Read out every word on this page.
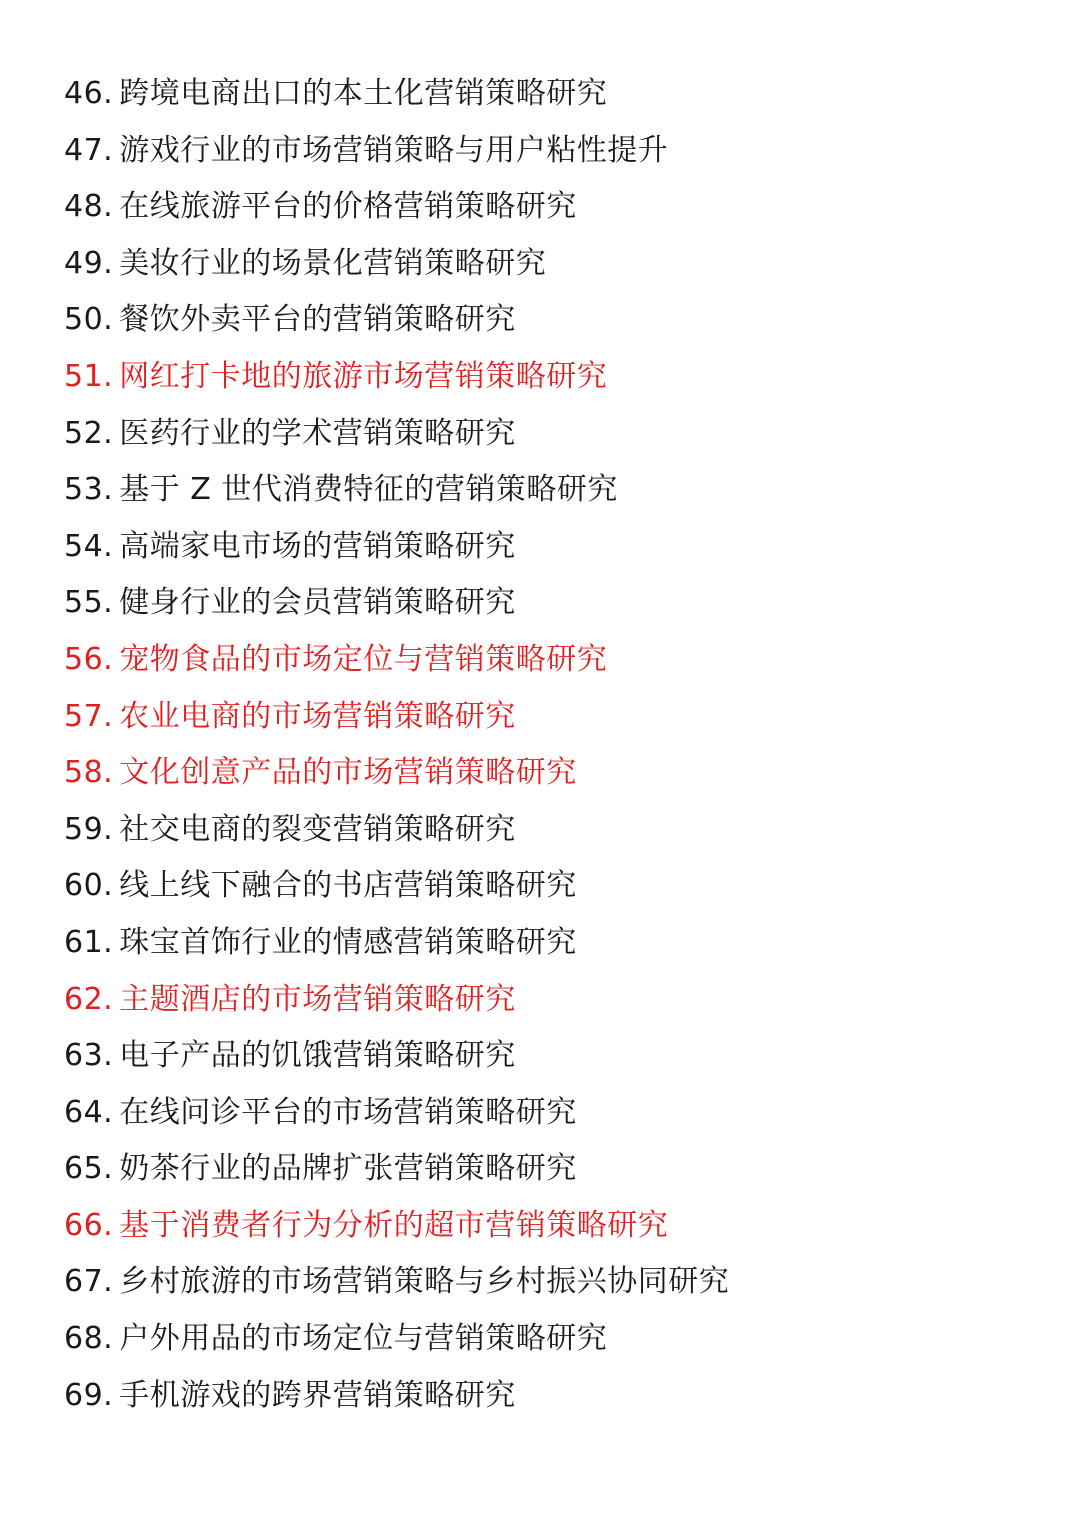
46. 跨境电商出口的本土化营销策略研究
47. 游戏行业的市场营销策略与用户粘性提升
48. 在线旅游平台的价格营销策略研究
49. 美妆行业的场景化营销策略研究
50. 餐饮外卖平台的营销策略研究
51. 网红打卡地的旅游市场营销策略研究
52. 医药行业的学术营销策略研究
53. 基于 Z 世代消费特征的营销策略研究
54. 高端家电市场的营销策略研究
55. 健身行业的会员营销策略研究
56. 宠物食品的市场定位与营销策略研究
57. 农业电商的市场营销策略研究
58. 文化创意产品的市场营销策略研究
59. 社交电商的裂变营销策略研究
60. 线上线下融合的书店营销策略研究
61. 珠宝首饰行业的情感营销策略研究
62. 主题酒店的市场营销策略研究
63. 电子产品的饥饿营销策略研究
64. 在线问诊平台的市场营销策略研究
65. 奶茶行业的品牌扩张营销策略研究
66. 基于消费者行为分析的超市营销策略研究
67. 乡村旅游的市场营销策略与乡村振兴协同研究
68. 户外用品的市场定位与营销策略研究
69. 手机游戏的跨界营销策略研究
